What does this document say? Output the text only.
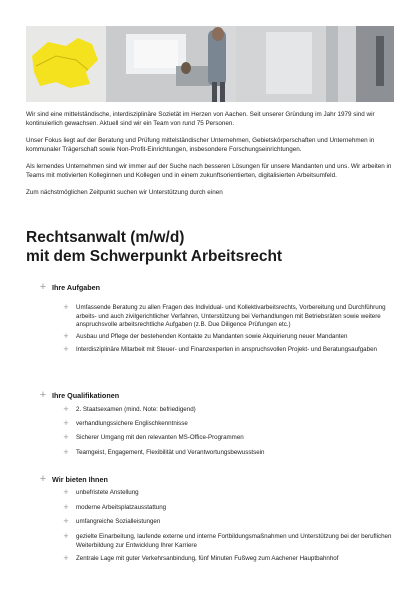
Wir sind eine mittelständische, interdisziplinäre Sozietät im Herzen von Aachen. Seit unserer Gründung im Jahr 1979 sind wir kontinuierlich gewachsen. Aktuell sind wir ein Team von rund 75 Personen.

Unser Fokus liegt auf der Beratung und Prüfung mittelständischer Unternehmen, Gebietskörperschaften und Unternehmen in kommunaler Trägerschaft sowie Non-Profit-Einrichtungen, insbesondere Forschungseinrichtungen.

Als lernendes Unternehmen sind wir immer auf der Suche nach besseren Lösungen für unsere Mandanten und uns. Wir arbeiten in Teams mit motivierten Kolleginnen und Kollegen und in einem zukunftsorientierten, digitalisierten Arbeitsumfeld.

Zum nächstmöglichen Zeitpunkt suchen wir Unterstützung durch einen

Rechtsanwalt (m/w/d)
mit dem Schwerpunkt Arbeitsrecht
+ Ihre Aufgaben
+ Umfassende Beratung zu allen Fragen des Individual- und Kollektivarbeitsrechts, Vorbereitung und Durchführung arbeits- und auch zivilgerichtlicher Verfahren, Unterstützung bei Verhandlungen mit Betriebsräten sowie weitere anspruchsvolle arbeitsrechtliche Aufgaben (z.B. Due Diligence Prüfungen etc.)
+ Ausbau und Pflege der bestehenden Kontakte zu Mandanten sowie Akquirierung neuer Mandanten
+ Interdisziplinäre Mitarbeit mit Steuer- und Finanzexperten in anspruchsvollen Projekt- und Beratungsaufgaben
+ Ihre Qualifikationen
+ 2. Staatsexamen (mind. Note: befriedigend)
+ verhandlungssichere Englischkenntnisse
+ Sicherer Umgang mit den relevanten MS-Office-Programmen
+ Teamgeist, Engagement, Flexibilität und Verantwortungsbewusstsein
+ Wir bieten Ihnen
+ unbefristete Anstellung
+ moderne Arbeitsplatzausstattung
+ umfangreiche Sozialleistungen
+ gezielte Einarbeitung, laufende externe und interne Fortbildungsmaßnahmen und Unterstützung bei der beruflichen Weiterbildung zur Entwicklung Ihrer Karriere
+ Zentrale Lage mit guter Verkehrsanbindung, fünf Minuten Fußweg zum Aachener Hauptbahnhof
